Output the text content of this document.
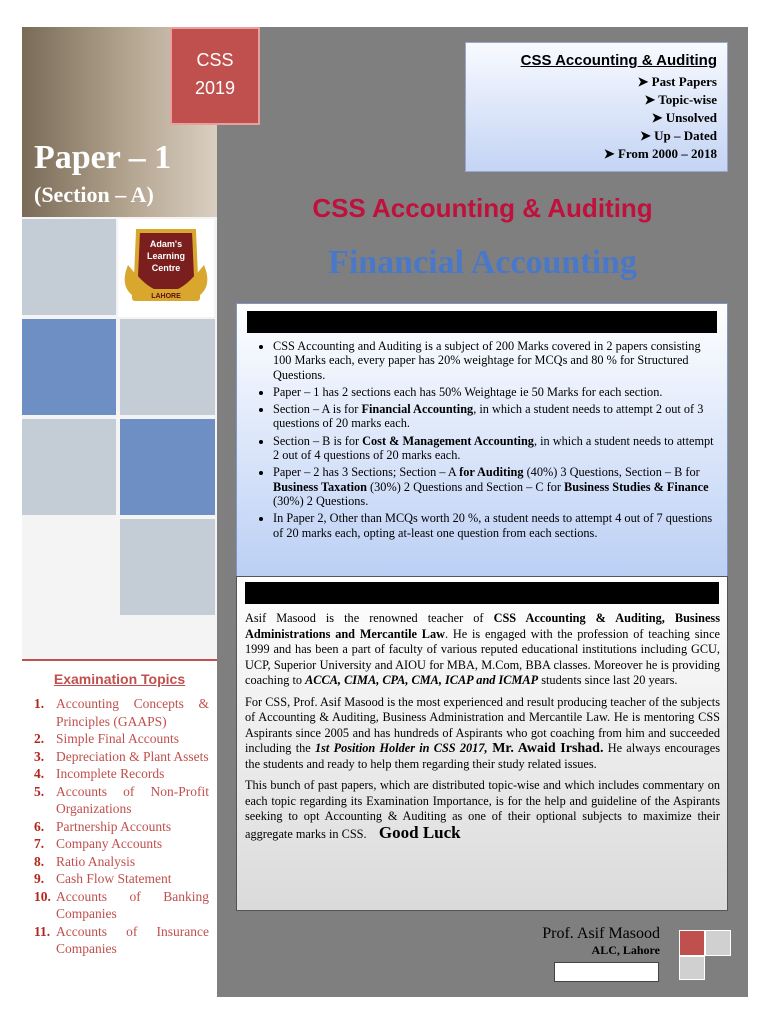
Paper – 1
(Section – A)
Adam's
Learning
Centre
LAHORE
Examination Topics
1. Accounting Concepts & Principles (GAAPS)
2. Simple Final Accounts
3. Depreciation & Plant Assets
4. Incomplete Records
5. Accounts of Non-Profit Organizations
6. Partnership Accounts
7. Company Accounts
8. Ratio Analysis
9. Cash Flow Statement
10. Accounts of Banking Companies
11. Accounts of Insurance Companies
CSS
2019
CSS Accounting & Auditing
➤ Past Papers
➤ Topic-wise
➤ Unsolved
➤ Up – Dated
➤ From 2000 – 2018
CSS Accounting & Auditing
Financial Accounting
• CSS Accounting and Auditing is a subject of 200 Marks covered in 2 papers consisting 100 Marks each, every paper has 20% weightage for MCQs and 80 % for Structured Questions.
• Paper – 1 has 2 sections each has 50% Weightage ie 50 Marks for each section.
• Section – A is for Financial Accounting, in which a student needs to attempt 2 out of 3 questions of 20 marks each.
• Section – B is for Cost & Management Accounting, in which a student needs to attempt 2 out of 4 questions of 20 marks each.
• Paper – 2 has 3 Sections; Section – A for Auditing (40%) 3 Questions, Section – B for Business Taxation (30%) 2 Questions and Section – C for Business Studies & Finance (30%) 2 Questions.
• In Paper 2, Other than MCQs worth 20 %, a student needs to attempt 4 out of 7 questions of 20 marks each, opting at-least one question from each sections.

Asif Masood is the renowned teacher of CSS Accounting & Auditing, Business Administrations and Mercantile Law. He is engaged with the profession of teaching since 1999 and has been a part of faculty of various reputed educational institutions including GCU, UCP, Superior University and AIOU for MBA, M.Com, BBA classes. Moreover he is providing coaching to ACCA, CIMA, CPA, CMA, ICAP and ICMAP students since last 20 years.

For CSS, Prof. Asif Masood is the most experienced and result producing teacher of the subjects of Accounting & Auditing, Business Administration and Mercantile Law. He is mentoring CSS Aspirants since 2005 and has hundreds of Aspirants who got coaching from him and succeeded including the 1st Position Holder in CSS 2017, Mr. Awaid Irshad. He always encourages the students and ready to help them regarding their study related issues.

This bunch of past papers, which are distributed topic-wise and which includes commentary on each topic regarding its Examination Importance, is for the help and guideline of the Aspirants seeking to opt Accounting & Auditing as one of their optional subjects to maximize their aggregate marks in CSS. Good Luck

Prof. Asif Masood
ALC, Lahore
